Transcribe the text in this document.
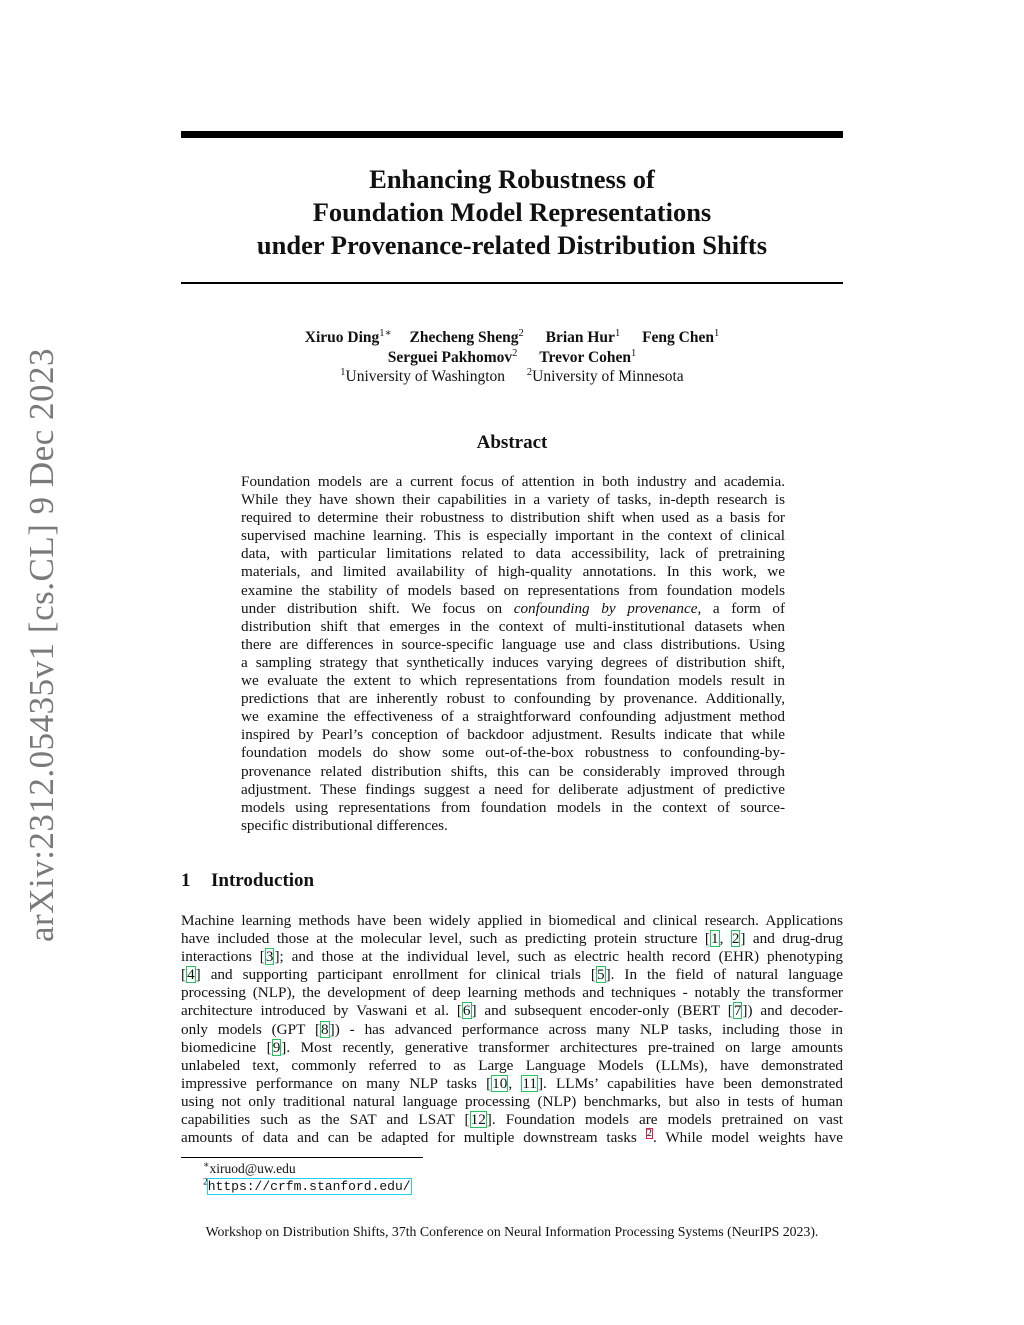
arXiv:2312.05435v1 [cs.CL] 9 Dec 2023
Enhancing Robustness of
Foundation Model Representations
under Provenance-related Distribution Shifts
Xiruo Ding$^{1∗}$ Zhecheng Sheng$^2$ Brian Hur$^1$ Feng Chen$^1$
Serguei Pakhomov$^2$ Trevor Cohen$^1$
$^1$University of Washington $^2$University of Minnesota
Abstract
Foundation models are a current focus of attention in both industry and academia.
While they have shown their capabilities in a variety of tasks, in-depth research is
required to determine their robustness to distribution shift when used as a basis for
supervised machine learning. This is especially important in the context of clinical
data, with particular limitations related to data accessibility, lack of pretraining
materials, and limited availability of high-quality annotations. In this work, we
examine the stability of models based on representations from foundation models
under distribution shift. We focus on confounding by provenance, a form of
distribution shift that emerges in the context of multi-institutional datasets when
there are differences in source-specific language use and class distributions. Using
a sampling strategy that synthetically induces varying degrees of distribution shift,
we evaluate the extent to which representations from foundation models result in
predictions that are inherently robust to confounding by provenance. Additionally,
we examine the effectiveness of a straightforward confounding adjustment method
inspired by Pearl’s conception of backdoor adjustment. Results indicate that while
foundation models do show some out-of-the-box robustness to confounding-by-
provenance related distribution shifts, this can be considerably improved through
adjustment. These findings suggest a need for deliberate adjustment of predictive
models using representations from foundation models in the context of source-
specific distributional differences.
1 Introduction
Machine learning methods have been widely applied in biomedical and clinical research. Applications
have included those at the molecular level, such as predicting protein structure [1, 2] and drug-drug
interactions [3]; and those at the individual level, such as electric health record (EHR) phenotyping
[4] and supporting participant enrollment for clinical trials [5]. In the field of natural language
processing (NLP), the development of deep learning methods and techniques - notably the transformer
architecture introduced by Vaswani et al. [6] and subsequent encoder-only (BERT [7]) and decoder-
only models (GPT [8]) - has advanced performance across many NLP tasks, including those in
biomedicine [9]. Most recently, generative transformer architectures pre-trained on large amounts
unlabeled text, commonly referred to as Large Language Models (LLMs), have demonstrated
impressive performance on many NLP tasks [10, 11]. LLMs’ capabilities have been demonstrated
using not only traditional natural language processing (NLP) benchmarks, but also in tests of human
capabilities such as the SAT and LSAT [12]. Foundation models are models pretrained on vast
amounts of data and can be adapted for multiple downstream tasks $^2$. While model weights have
∗xiruod@uw.edu
$^2$https://crfm.stanford.edu/
Workshop on Distribution Shifts, 37th Conference on Neural Information Processing Systems (NeurIPS 2023).
